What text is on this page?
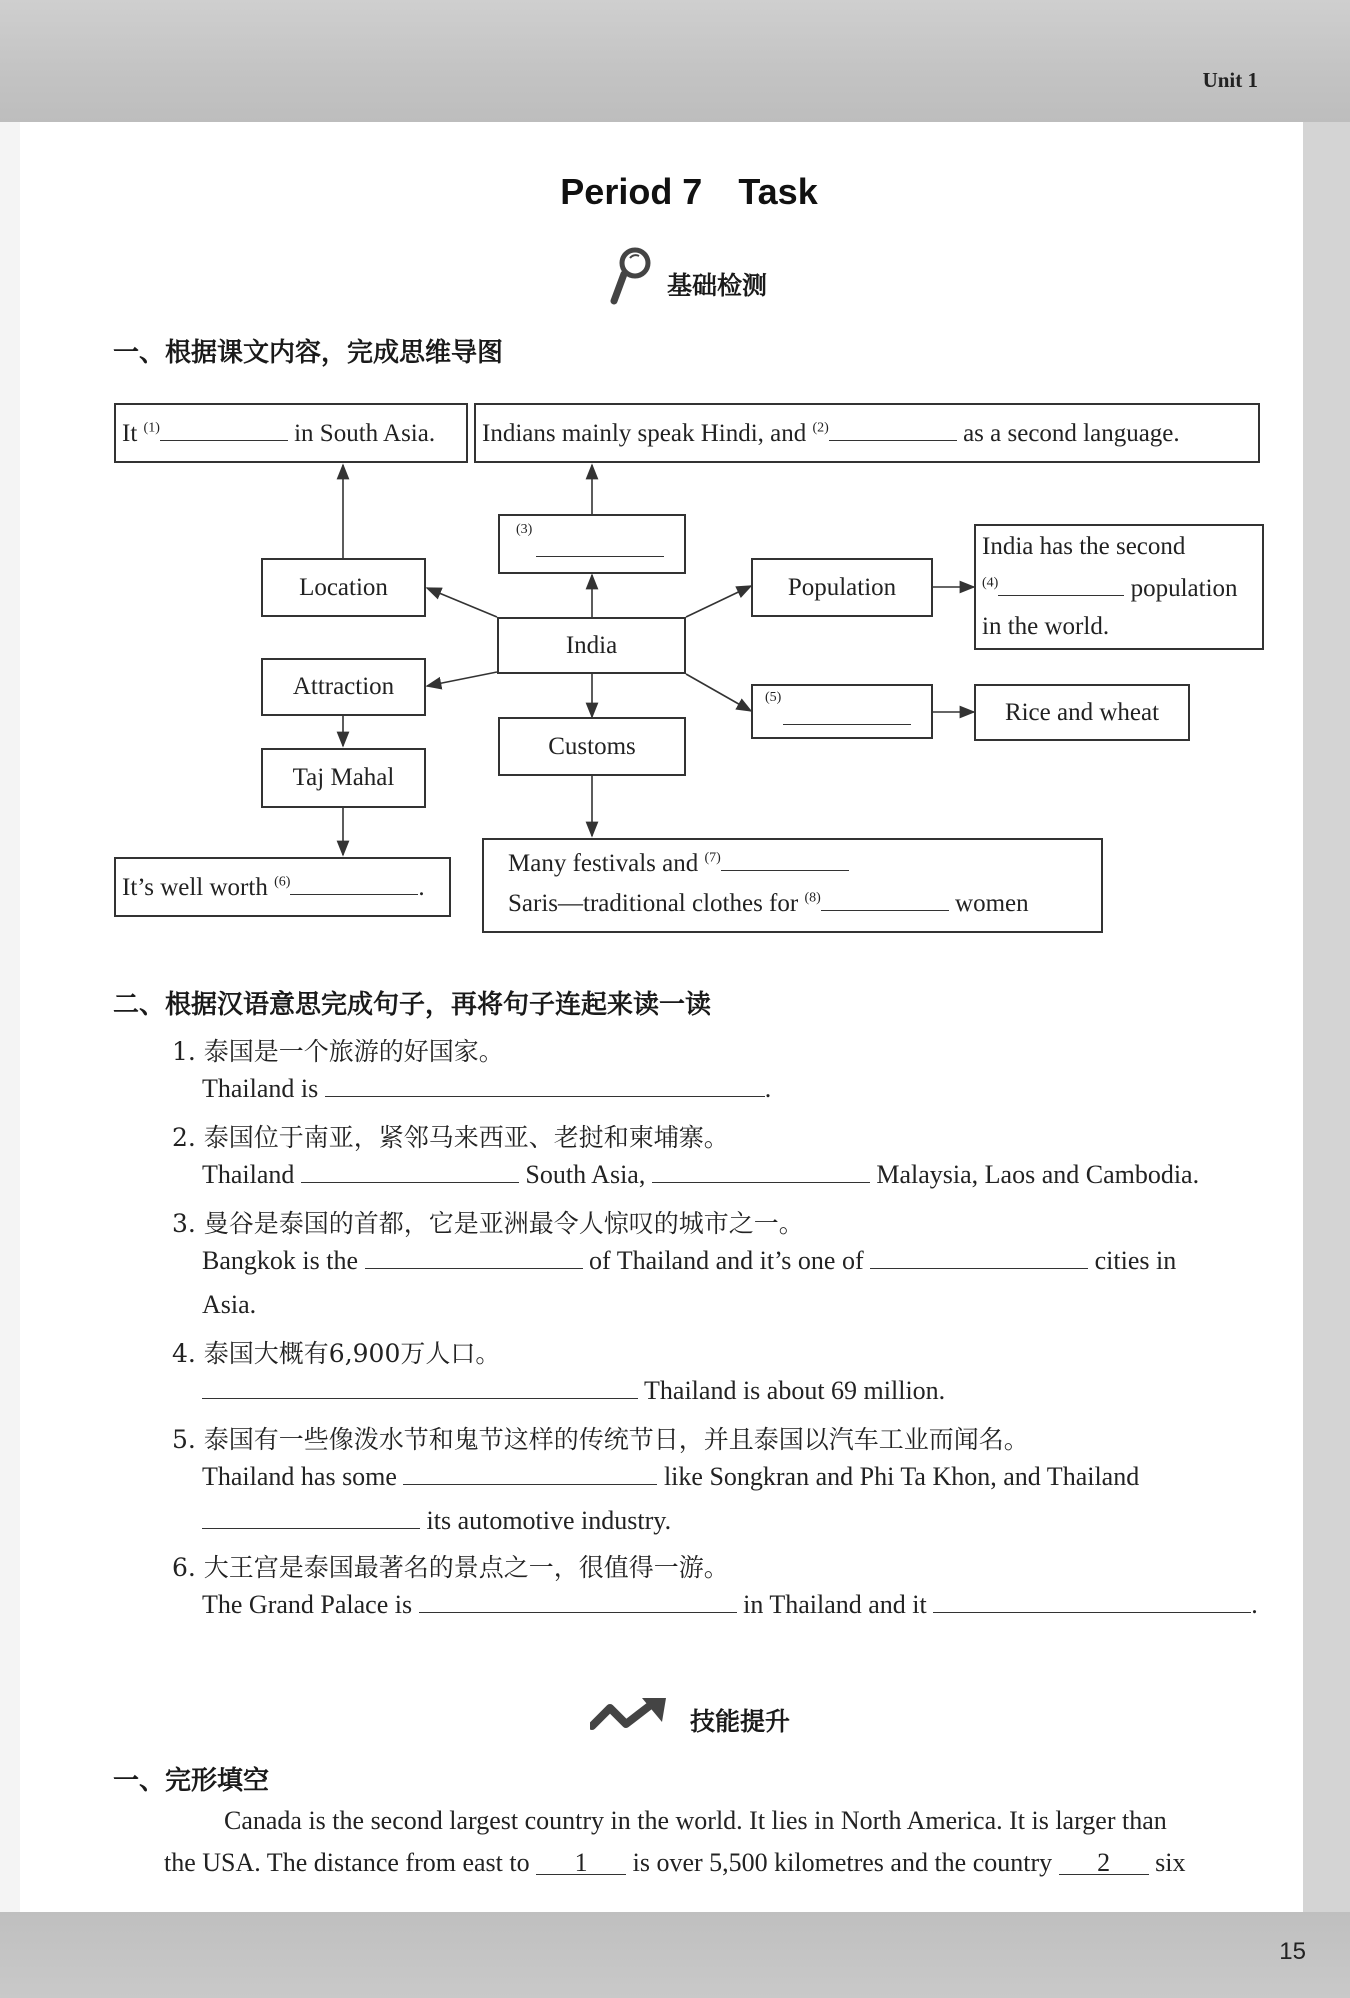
Unit 1
15
Period 7　Task
基础检测
一、根据课文内容，完成思维导图
It $^{(1)}$	in South Asia. Indians mainly speak Hindi, and $^{(2)}$	as a second language.
(3)
Location	Population
India has the second
$^{(4)}$	population
in the world.
India
Attraction	(5)
Rice and wheat
Customs
Taj Mahal
It’s well worth $^{(6)}$	.
Many festivals and $^{(7)}$
Saris—traditional clothes for $^{(8)}$	women
二、根据汉语意思完成句子，再将句子连起来读一读
1. 泰国是一个旅游的好国家。
Thailand is	.
2. 泰国位于南亚，紧邻马来西亚、老挝和柬埔寨。
Thailand	South Asia,	Malaysia, Laos and Cambodia.
3. 曼谷是泰国的首都，它是亚洲最令人惊叹的城市之一。
Bangkok is the	of Thailand and it’s one of	cities in
Asia.
4. 泰国大概有6,900万人口。
Thailand is about 69 million.
5. 泰国有一些像泼水节和鬼节这样的传统节日，并且泰国以汽车工业而闻名。
Thailand has some	like Songkran and Phi Ta Khon, and Thailand
its automotive industry.
6. 大王宫是泰国最著名的景点之一，很值得一游。
The Grand Palace is	in Thailand and it	.
技能提升
一、完形填空
Canada is the second largest country in the world. It lies in North America. It is larger than
the USA. The distance from east to 1 is over 5,500 kilometres and the country 2 six
